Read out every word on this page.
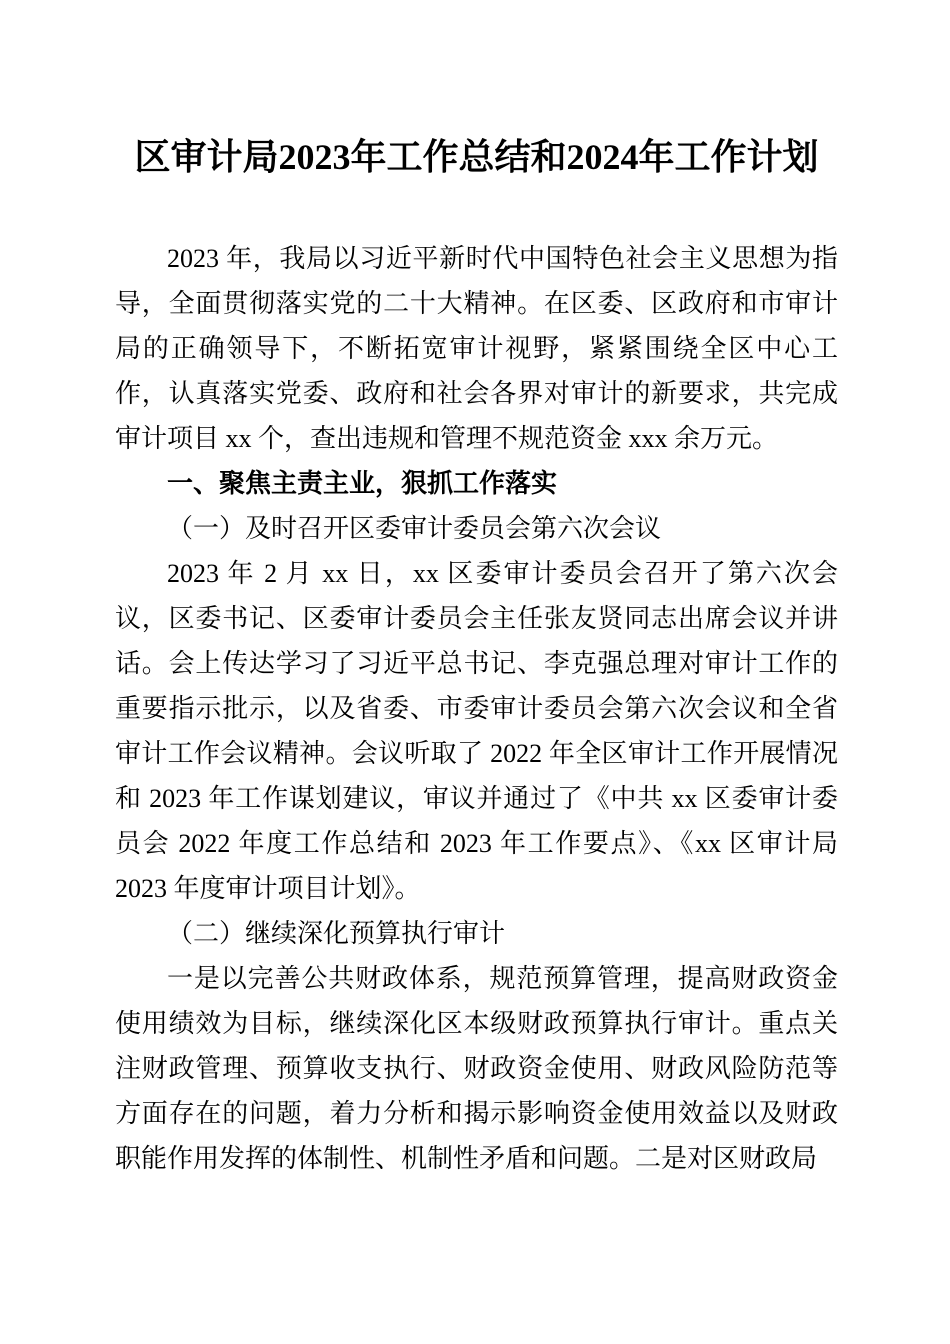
区审计局2023年工作总结和2024年工作计划

2023 年，我局以习近平新时代中国特色社会主义思想为指导，全面贯彻落实党的二十大精神。在区委、区政府和市审计局的正确领导下，不断拓宽审计视野，紧紧围绕全区中心工作，认真落实党委、政府和社会各界对审计的新要求，共完成审计项目 xx 个，查出违规和管理不规范资金 xxx 余万元。

一、聚焦主责主业，狠抓工作落实
（一）及时召开区委审计委员会第六次会议

2023 年 2 月 xx 日，xx 区委审计委员会召开了第六次会议，区委书记、区委审计委员会主任张友贤同志出席会议并讲话。会上传达学习了习近平总书记、李克强总理对审计工作的重要指示批示，以及省委、市委审计委员会第六次会议和全省审计工作会议精神。会议听取了 2022 年全区审计工作开展情况和 2023 年工作谋划建议，审议并通过了《中共 xx 区委审计委员会 2022 年度工作总结和 2023 年工作要点》、《xx 区审计局 2023 年度审计项目计划》。

（二）继续深化预算执行审计

一是以完善公共财政体系，规范预算管理，提高财政资金使用绩效为目标，继续深化区本级财政预算执行审计。重点关注财政管理、预算收支执行、财政资金使用、财政风险防范等方面存在的问题，着力分析和揭示影响资金使用效益以及财政职能作用发挥的体制性、机制性矛盾和问题。二是对区财政局
